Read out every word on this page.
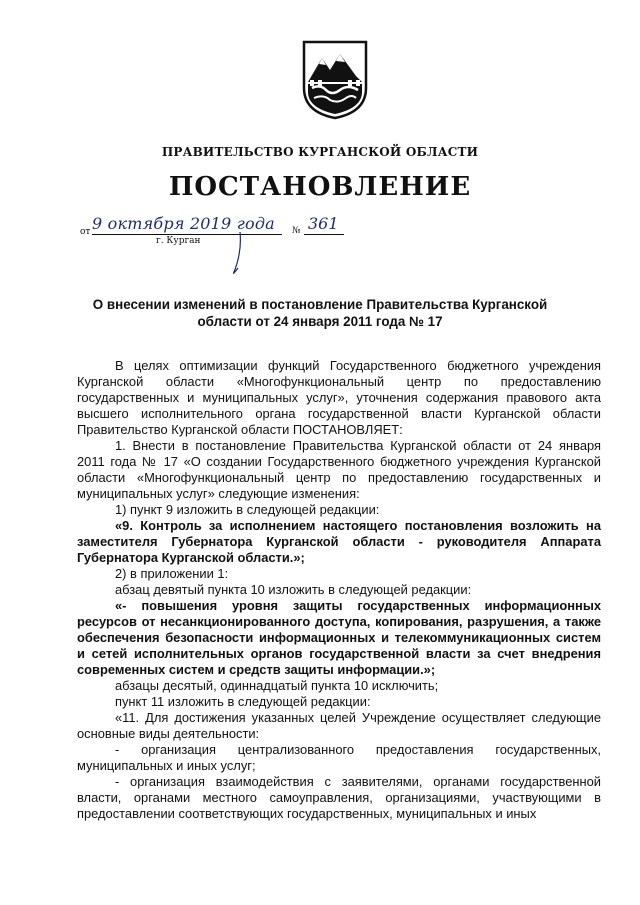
ПРАВИТЕЛЬСТВО КУРГАНСКОЙ ОБЛАСТИ
ПОСТАНОВЛЕНИЕ
от 9 октября 2019 года № 361
г. Курган
О внесении изменений в постановление Правительства Курганской области от 24 января 2011 года № 17

В целях оптимизации функций Государственного бюджетного учреждения Курганской области «Многофункциональный центр по предоставлению государственных и муниципальных услуг», уточнения содержания правового акта высшего исполнительного органа государственной власти Курганской области Правительство Курганской области ПОСТАНОВЛЯЕТ:

1. Внести в постановление Правительства Курганской области от 24 января 2011 года № 17 «О создании Государственного бюджетного учреждения Курганской области «Многофункциональный центр по предоставлению государственных и муниципальных услуг» следующие изменения:

1) пункт 9 изложить в следующей редакции:

«9. Контроль за исполнением настоящего постановления возложить на заместителя Губернатора Курганской области - руководителя Аппарата Губернатора Курганской области.»;

2) в приложении 1:

абзац девятый пункта 10 изложить в следующей редакции:

«- повышения уровня защиты государственных информационных ресурсов от несанкционированного доступа, копирования, разрушения, а также обеспечения безопасности информационных и телекоммуникационных систем и сетей исполнительных органов государственной власти за счет внедрения современных систем и средств защиты информации.»;

абзацы десятый, одиннадцатый пункта 10 исключить;

пункт 11 изложить в следующей редакции:

«11. Для достижения указанных целей Учреждение осуществляет следующие основные виды деятельности:

- организация централизованного предоставления государственных, муниципальных и иных услуг;

- организация взаимодействия с заявителями, органами государственной власти, органами местного самоуправления, организациями, участвующими в предоставлении соответствующих государственных, муниципальных и иных
